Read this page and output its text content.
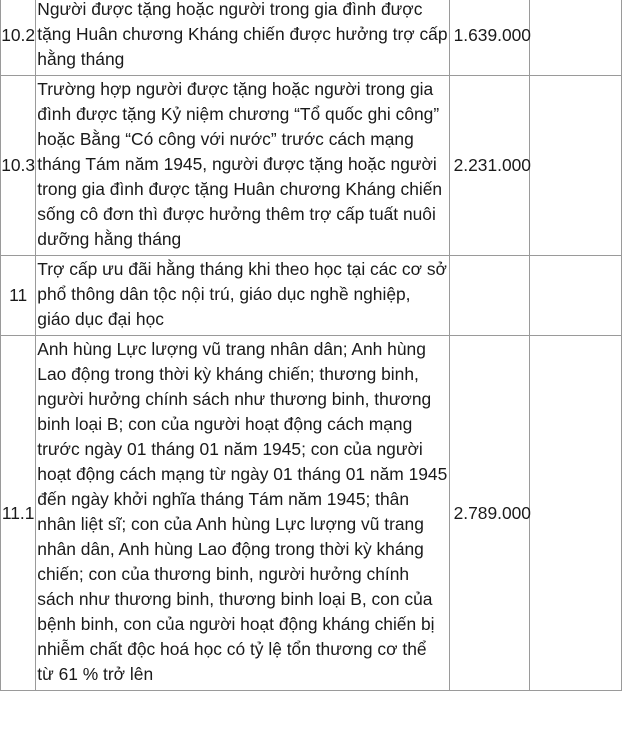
10.2	Người được tặng hoặc người trong gia đình được tặng Huân chương Kháng chiến được hưởng trợ cấp hằng tháng	1.639.000	
10.3	Trường hợp người được tặng hoặc người trong gia đình được tặng Kỷ niệm chương “Tổ quốc ghi công” hoặc Bằng “Có công với nước” trước cách mạng tháng Tám năm 1945, người được tặng hoặc người trong gia đình được tặng Huân chương Kháng chiến sống cô đơn thì được hưởng thêm trợ cấp tuất nuôi dưỡng hằng tháng	2.231.000	
11	Trợ cấp ưu đãi hằng tháng khi theo học tại các cơ sở phổ thông dân tộc nội trú, giáo dục nghề nghiệp, giáo dục đại học		
11.1	Anh hùng Lực lượng vũ trang nhân dân; Anh hùng Lao động trong thời kỳ kháng chiến; thương binh, người hưởng chính sách như thương binh, thương binh loại B; con của người hoạt động cách mạng trước ngày 01 tháng 01 năm 1945; con của người hoạt động cách mạng từ ngày 01 tháng 01 năm 1945 đến ngày khởi nghĩa tháng Tám năm 1945; thân nhân liệt sĩ; con của Anh hùng Lực lượng vũ trang nhân dân, Anh hùng Lao động trong thời kỳ kháng chiến; con của thương binh, người hưởng chính sách như thương binh, thương binh loại B, con của bệnh binh, con của người hoạt động kháng chiến bị nhiễm chất độc hoá học có tỷ lệ tổn thương cơ thể từ 61 % trở lên	2.789.000	
